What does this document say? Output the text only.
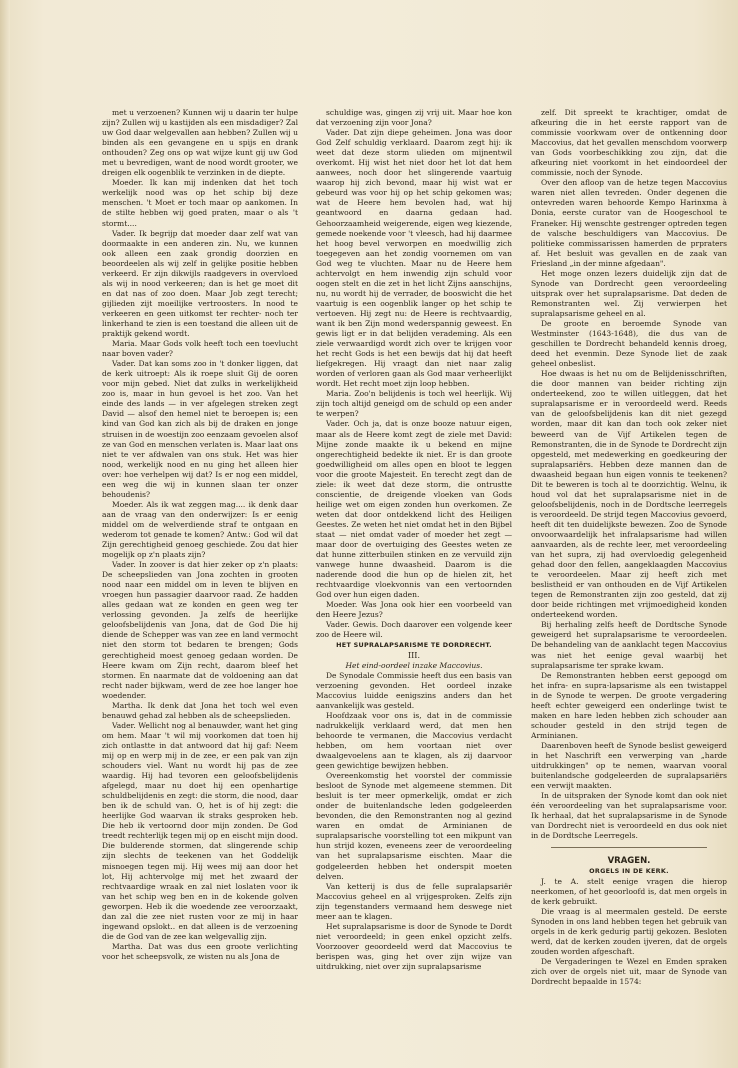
met u verzoenen? Kunnen wij u daarin ter hulpe zijn? Zullen wij u kastijden als een misdadiger? Zal uw God daar welgevallen aan hebben? Zullen wij u binden als een gevangene en u spijs en drank onthouden? Zeg ons op wat wijze kunt gij uw God met u bevredigen, want de nood wordt grooter, we dreigen elk oogenblik te verzinken in de diepte.

Moeder. Ik kan mij indenken dat het toch werkelijk nood was op het schip bij deze menschen. 't Moet er toch maar op aankomen. In de stilte hebben wij goed praten, maar o als 't stormt....

Vader. Ik begrijp dat moeder daar zelf wat van doormaakte in een anderen zin. Nu, we kunnen ook alleen een zaak grondig doorzien en beoordeelen als wij zelf in gelijke positie hebben verkeerd. Er zijn dikwijls raadgevers in overvloed als wij in nood verkeeren; dan is het ge moet dit en dat nas of zoo doen. Maar Job zegt terecht; gijlieden zijt moeilijke vertroosters. In nood te verkeeren en geen uitkomst ter rechter- noch ter linkerhand te zien is een toestand die alleen uit de praktijk gekend wordt.

Maria. Maar Gods volk heeft toch een toevlucht naar boven vader?

Vader. Dat kan soms zoo in 't donker liggen, dat de kerk uitroept: Als ik roepe sluit Gij de ooren voor mijn gebed. Niet dat zulks in werkelijkheid zoo is, maar in hun gevoel is het zoo. Van het einde des lands — in ver afgelegen streken zegt David — alsof den hemel niet te beroepen is; een kind van God kan zich als bij de draken en jonge struisen in de woestijn zoo eenzaam gevoelen alsof ze van God en menschen verlaten is. Maar laat ons niet te ver afdwalen van ons stuk. Het was hier nood, werkelijk nood en nu ging het alleen hier over: hoe verhelpen wij dat? Is er nog een middel, een weg die wij in kunnen slaan ter onzer behoudenis?

Moeder. Als ik wat zeggen mag.... ik denk daar aan de vraag van den onderwijzer: Is er eenig middel om de welverdiende straf te ontgaan en wederom tot genade te komen? Antw.: God wil dat Zijn gerechtigheid genoeg geschiede. Zou dat hier mogelijk op z'n plaats zijn?

Vader. In zoover is dat hier zeker op z'n plaats: De scheepslieden van Jona zochten in grooten nood naar een middel om in leven te blijven en vroegen hun passagier daarvoor raad. Ze hadden alles gedaan wat ze konden en geen weg ter verlossing gevonden. Ja zelfs de heerlijke geloofsbelijdenis van Jona, dat de God Die hij diende de Schepper was van zee en land vermocht niet den storm tot bedaren te brengen; Gods gerechtigheid moest genoeg gedaan worden. De Heere kwam om Zijn recht, daarom bleef het stormen. En naarmate dat de voldoening aan dat recht nader bijkwam, werd de zee hoe langer hoe woedender.

Martha. Ik denk dat Jona het toch wel even benauwd gehad zal hebben als de scheepslieden.

Vader. Wellicht nog al benauwder, want het ging om hem. Maar 't wil mij voorkomen dat toen hij zich ontlastte in dat antwoord dat hij gaf: Neem mij op en werp mij in de zee, er een pak van zijn schouders viel. Want nu wordt hij pas de zee waardig. Hij had tevoren een geloofsbelijdenis afgelegd, maar nu doet hij een openhartige schuldbelijdenis en zegt: die storm, die nood, daar ben ik de schuld van. O, het is of hij zegt: die heerlijke God waarvan ik straks gesproken heb. Die heb ik vertoornd door mijn zonden. De God treedt rechterlijk tegen mij op en eischt mijn dood. Die bulderende stormen, dat slingerende schip zijn slechts de teekenen van het Goddelijk misnoegen tegen mij. Hij wees mij aan door het lot, Hij achtervolge mij met het zwaard der rechtvaardige wraak en zal niet loslaten voor ik van het schip weg ben en in de kokende golven geworpen. Heb ik die woedende zee veroorzaakt, dan zal die zee niet rusten voor ze mij in haar ingewand opslokt.. en dat alleen is de verzoening die de God van de zee kan welgevallig zijn.

Martha. Dat was dus een groote verlichting voor het scheepsvolk, ze wisten nu als Jona de

schuldige was, gingen zij vrij uit. Maar hoe kon dat verzoening zijn voor Jona?

Vader. Dat zijn diepe geheimen. Jona was door God Zelf schuldig verklaard. Daarom zegt hij: ik weet dat deze storm ulieden om mijnentwil overkomt. Hij wist het niet door het lot dat hem aanwees, noch door het slingerende vaartuig waarop hij zich bevond, maar hij wist wat er gebeurd was voor hij op het schip gekomen was; wat de Heere hem bevolen had, wat hij geantwoord en daarna gedaan had. Gehoorzaamheid weigerende, eigen weg kiezende, gemede noekende voor 't vleesch, had hij daarmee het hoog bevel verworpen en moedwillig zich toegegeven aan het zondig voornemen om van God weg te vluchten. Maar nu de Heere hem achtervolgt en hem inwendig zijn schuld voor oogen stelt en die zet in het licht Zijns aanschijns, nu, nu wordt hij de verrader, de booswicht die het vaartuig is een oogenblik langer op het schip te vertoeven. Hij zegt nu: de Heere is rechtvaardig, want ik ben Zijn mond wederspannig geweest. En gewis ligt er in dat belijden verademing. Als een ziele verwaardigd wordt zich over te krijgen voor het recht Gods is het een bewijs dat hij dat heeft liefgekregen. Hij vraagt dan niet naar zalig worden of verloren gaan als God maar verheerlijkt wordt. Het recht moet zijn loop hebben.

Maria. Zoo'n belijdenis is toch wel heerlijk. Wij zijn toch altijd geneigd om de schuld op een ander te werpen?

Vader. Och ja, dat is onze booze natuur eigen, maar als de Heere komt zegt de ziele met David: Mijne zonde maakte ik u bekend en mijne ongerechtigheid bedekte ik niet. Er is dan groote goedwilligheid om alles open en bloot te leggen voor die groote Majesteit. En terecht zegt dan de ziele: ik weet dat deze storm, die ontrustte conscientie, de dreigende vloeken van Gods heilige wet om eigen zonden hun overkomen. Ze weten dat door ontdekkend licht des Heiligen Geestes. Ze weten het niet omdat het in den Bijbel staat — niet omdat vader of moeder het zegt — maar door de overtuiging des Geestes weten ze dat hunne zitterbuilen stinken en ze vervuild zijn vanwege hunne dwaasheid. Daarom is die naderende dood die hun op de hielen zit, het rechtvaardige vloekvonnis van een vertoornden God over hun eigen daden.

Moeder. Was Jona ook hier een voorbeeld van den Heere Jezus?

Vader. Gewis. Doch daarover een volgende keer zoo de Heere wil.

HET SUPRALAPSARISME TE DORDRECHT.

III.

Het eind-oordeel inzake Maccovius.

De Synodale Commissie heeft dus een basis van verzoening gevonden. Het oordeel inzake Maccovius luidde eenigszins anders dan het aanvankelijk was gesteld.

Hoofdzaak voor ons is, dat in de commissie nadrukkelijk verklaard werd, dat men hen behoorde te vermanen, die Maccovius verdacht hebben, om hem voortaan niet over dwaalgevoelens aan te klagen, als zij daarvoor geen gewichtige bewijzen hebben.

Overeenkomstig het voorstel der commissie besloot de Synode met algemeene stemmen. Dit besluit is ter meer opmerkelijk, omdat er zich onder de buitenlandsche leden godgeleerden bevonden, die den Remonstranten nog al gezind waren en omdat de Arminianen de supralapsarische voorstelling tot een mikpunt van hun strijd kozen, eveneens zeer de veroordeeling van het supralapsarisme eischten. Maar die godgeleerden hebben het onderspit moeten delven.

Van ketterij is dus de felle supralapsariër Maccovius geheel en al vrijgesproken. Zelfs zijn zijn tegenstanders vermaand hem deswege niet meer aan te klagen.

Het supralapsarisme is door de Synode te Dordt niet veroordeeld; in geen enkel opzicht zelfs. Voorzoover geoordeeld werd dat Maccovius te berispen was, ging het over zijn wijze van uitdrukking, niet over zijn supralapsarisme

zelf. Dit spreekt te krachtiger, omdat de afkeuring die in het eerste rapport van de commissie voorkwam over de ontkenning door Maccovius, dat het gevallen menschdom voorwerp van Gods voorbeschikking zou zijn, dat die afkeuring niet voorkomt in het eindoordeel der commissie, noch der Synode.

Over den afloop van de hetze tegen Maccovius waren niet allen tevreden. Onder degenen die ontevreden waren behoorde Kempo Harinxma à Donia, eerste curator van de Hoogeschool te Franeker. Hij wenschte gestrenger optreden tegen de valsche beschuldigers van Maccovius. De politieke commissarissen hamerden de prpraters af. Het besluit was gevallen en de zaak van Friesland „in der minne afgedaan".

Het moge onzen lezers duidelijk zijn dat de Synode van Dordrecht geen veroordeeling uitsprak over het supralapsarisme. Dat deden de Remonstranten wel. Zij verwierpen het supralapsarisme geheel en al.

De groote en beroemde Synode van Westminster (1643-1648), die dus van de geschillen te Dordrecht behandeld kennis droeg, deed het evenmin. Deze Synode liet de zaak geheel onbeslist.

Hoe dwaas is het nu om de Belijdenisschriften, die door mannen van beider richting zijn onderteekend, zoo te willen uitleggen, dat het supralapsarisme er in veroordeeld werd. Reeds van de geloofsbelijdenis kan dit niet gezegd worden, maar dit kan dan toch ook zeker niet beweerd van de Vijf Artikelen tegen de Remonstranten, die in de Synode te Dordrecht zijn opgesteld, met medewerking en goedkeuring der supralapsariërs. Hebben deze mannen dan de dwaasheid begaan hun eigen vonnis te teekenen? Dit te beweren is toch al te doorzichtig. Welnu, ik houd vol dat het supralapsarisme niet in de geloofsbelijdenis, noch in de Dordtsche leerregels is veroordeeld. De strijd tegen Maccovius gevoerd, heeft dit ten duidelijkste bewezen. Zoo de Synode onvoorwaardelijk het infralapsarisme had willen aanvaarden, als de rechte leer, met veroordeeling van het supra, zij had overvloedig gelegenheid gehad door den fellen, aangeklaagden Maccovius te veroordeelen. Maar zij heeft zich met beslistheid er van onthouden en de Vijf Artikelen tegen de Remonstranten zijn zoo gesteld, dat zij door beide richtingen met vrijmoedigheid konden onderteekend worden.

Bij herhaling zelfs heeft de Dordtsche Synode geweigerd het supralapsarisme te veroordeelen. De behandeling van de aanklacht tegen Maccovius was niet het eenige geval waarbij het supralapsarisme ter sprake kwam.

De Remonstranten hebben eerst gepoogd om het infra- en supra-lapsarisme als een twistappel in de Synode te werpen. De groote vergadering heeft echter geweigerd een onderlinge twist te maken en hare leden hebben zich schouder aan schouder gesteld in den strijd tegen de Arminianen.

Daarenboven heeft de Synode beslist geweigerd in het Naschrift een verwerping van „harde uitdrukkingen" op te nemen, waarvan vooral buitenlandsche godgeleerden de supralapsariërs een verwijt maakten.

In de uitspraken der Synode komt dan ook niet één veroordeeling van het supralapsarisme voor. Ik herhaal, dat het supralapsarisme in de Synode van Dordrecht niet is veroordeeld en dus ook niet in de Dordtsche Leerregels.

VRAGEN.

ORGELS IN DE KERK.

J. te A. stelt eenige vragen die hierop neerkomen, of het geoorloofd is, dat men orgels in de kerk gebruikt.

Die vraag is al meermalen gesteld. De eerste Synoden in ons land hebben tegen het gebruik van orgels in de kerk gedurig partij gekozen. Besloten werd, dat de kerken zouden ijveren, dat de orgels zouden worden afgeschaft.

De Vergaderingen te Wezel en Emden spraken zich over de orgels niet uit, maar de Synode van Dordrecht bepaalde in 1574:
